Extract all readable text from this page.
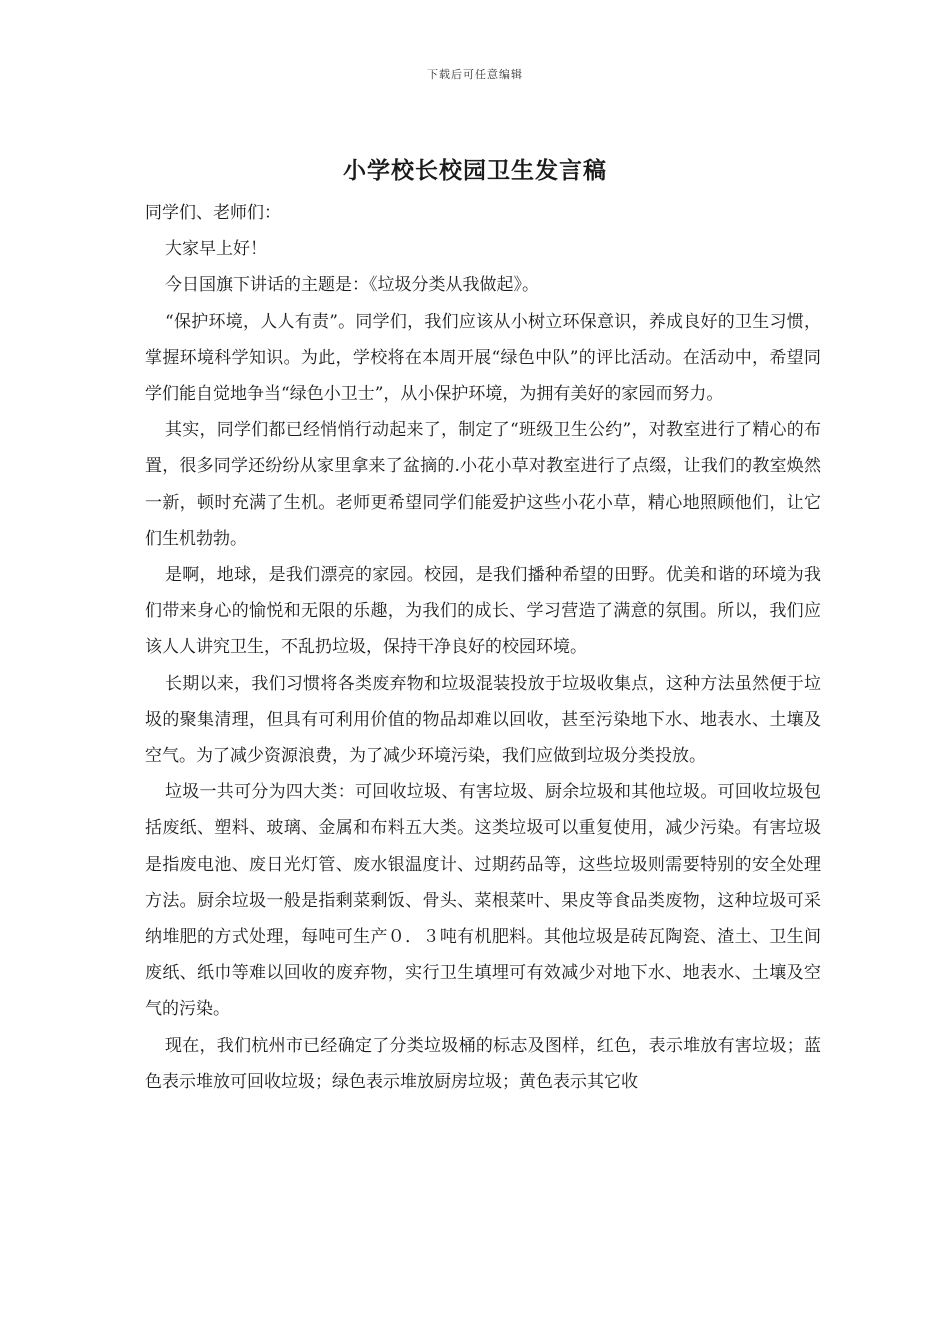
下载后可任意编辑
小学校长校园卫生发言稿

同学们、老师们：

大家早上好！

今日国旗下讲话的主题是：《垃圾分类从我做起》。

“保护环境，人人有责”。同学们，我们应该从小树立环保意识，养成良好的卫生习惯，掌握环境科学知识。为此，学校将在本周开展“绿色中队”的评比活动。在活动中，希望同学们能自觉地争当“绿色小卫士”，从小保护环境，为拥有美好的家园而努力。

其实，同学们都已经悄悄行动起来了，制定了“班级卫生公约”，对教室进行了精心的布置，很多同学还纷纷从家里拿来了盆摘的.小花小草对教室进行了点缀，让我们的教室焕然一新，顿时充满了生机。老师更希望同学们能爱护这些小花小草，精心地照顾他们，让它们生机勃勃。

是啊，地球，是我们漂亮的家园。校园，是我们播种希望的田野。优美和谐的环境为我们带来身心的愉悦和无限的乐趣，为我们的成长、学习营造了满意的氛围。所以，我们应该人人讲究卫生，不乱扔垃圾，保持干净良好的校园环境。

长期以来，我们习惯将各类废弃物和垃圾混装投放于垃圾收集点，这种方法虽然便于垃圾的聚集清理，但具有可利用价值的物品却难以回收，甚至污染地下水、地表水、土壤及空气。为了减少资源浪费，为了减少环境污染，我们应做到垃圾分类投放。

垃圾一共可分为四大类：可回收垃圾、有害垃圾、厨余垃圾和其他垃圾。可回收垃圾包括废纸、塑料、玻璃、金属和布料五大类。这类垃圾可以重复使用，减少污染。有害垃圾是指废电池、废日光灯管、废水银温度计、过期药品等，这些垃圾则需要特别的安全处理方法。厨余垃圾一般是指剩菜剩饭、骨头、菜根菜叶、果皮等食品类废物，这种垃圾可采纳堆肥的方式处理，每吨可生产０．３吨有机肥料。其他垃圾是砖瓦陶瓷、渣土、卫生间废纸、纸巾等难以回收的废弃物，实行卫生填埋可有效减少对地下水、地表水、土壤及空气的污染。

现在，我们杭州市已经确定了分类垃圾桶的标志及图样，红色，表示堆放有害垃圾；蓝色表示堆放可回收垃圾；绿色表示堆放厨房垃圾；黄色表示其它收
